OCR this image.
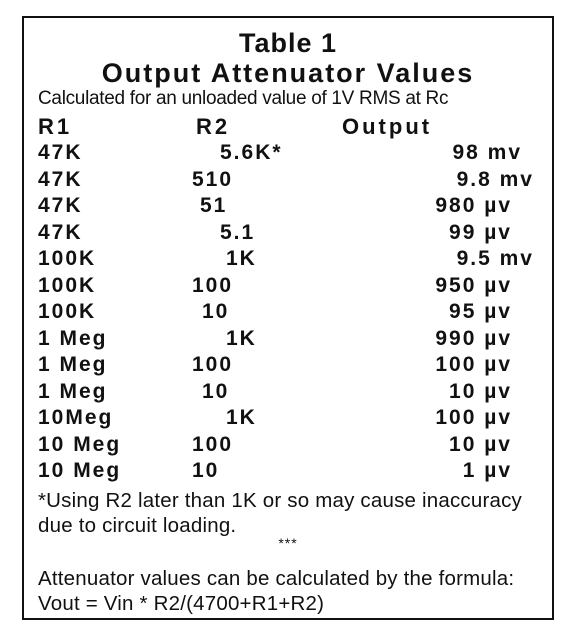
Table 1
Output Attenuator Values
Calculated for an unloaded value of 1V RMS at Rc
R1	R2	Output
47K	5.6K*	98 mv
47K	510	9.8 mv
47K	51	980 µv
47K	5.1	99 µv
100K	1K	9.5 mv
100K	100	950 µv
100K	10	95 µv
1 Meg	1K	990 µv
1 Meg	100	100 µv
1 Meg	10	10 µv
10Meg	1K	100 µv
10 Meg	100	10 µv
10 Meg	10	1 µv
*Using R2 later than 1K or so may cause inaccuracy due to circuit loading.
***
Attenuator values can be calculated by the formula: Vout = Vin * R2/(4700+R1+R2)
